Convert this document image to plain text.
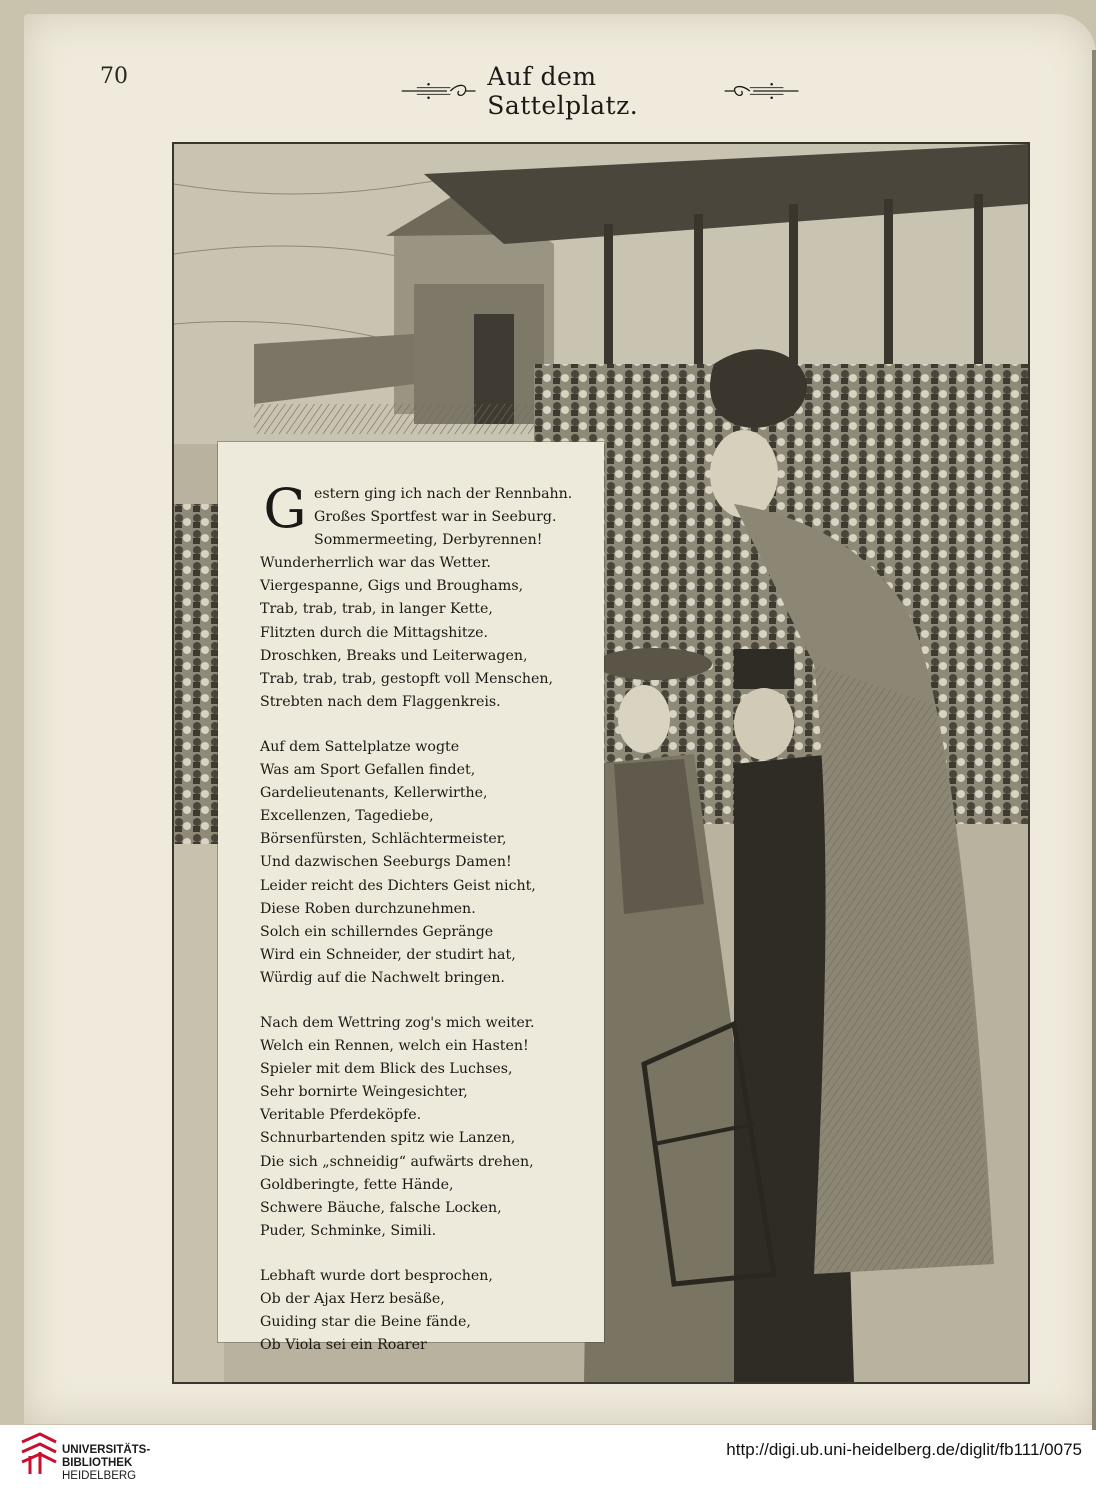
70	Auf dem Sattelplatz.
G estern ging ich nach der Rennbahn.
Großes Sportfest war in Seeburg.
Sommermeeting, Derbyrennen!
Wunderherrlich war das Wetter.
Viergespanne, Gigs und Broughams,
Trab, trab, trab, in langer Kette,
Flitzten durch die Mittagshitze.
Droschken, Breaks und Leiterwagen,
Trab, trab, trab, gestopft voll Menschen,
Strebten nach dem Flaggenkreis.
Auf dem Sattelplatze wogte
Was am Sport Gefallen findet,
Gardelieutenants, Kellerwirthe,
Excellenzen, Tagediebe,
Börsenfürsten, Schlächtermeister,
Und dazwischen Seeburgs Damen!
Leider reicht des Dichters Geist nicht,
Diese Roben durchzunehmen.
Solch ein schillerndes Gepränge
Wird ein Schneider, der studirt hat,
Würdig auf die Nachwelt bringen.
Nach dem Wettring zog's mich weiter.
Welch ein Rennen, welch ein Hasten!
Spieler mit dem Blick des Luchses,
Sehr bornirte Weingesichter,
Veritable Pferdeköpfe.
Schnurbartenden spitz wie Lanzen,
Die sich „schneidig“ aufwärts drehen,
Goldberingte, fette Hände,
Schwere Bäuche, falsche Locken,
Puder, Schminke, Simili.
Lebhaft wurde dort besprochen,
Ob der Ajax Herz besäße,
Guiding star die Beine fände,
Ob Viola sei ein Roarer
UNIVERSITÄTS-
BIBLIOTHEK
HEIDELBERG
http://digi.ub.uni-heidelberg.de/diglit/fb111/0075
